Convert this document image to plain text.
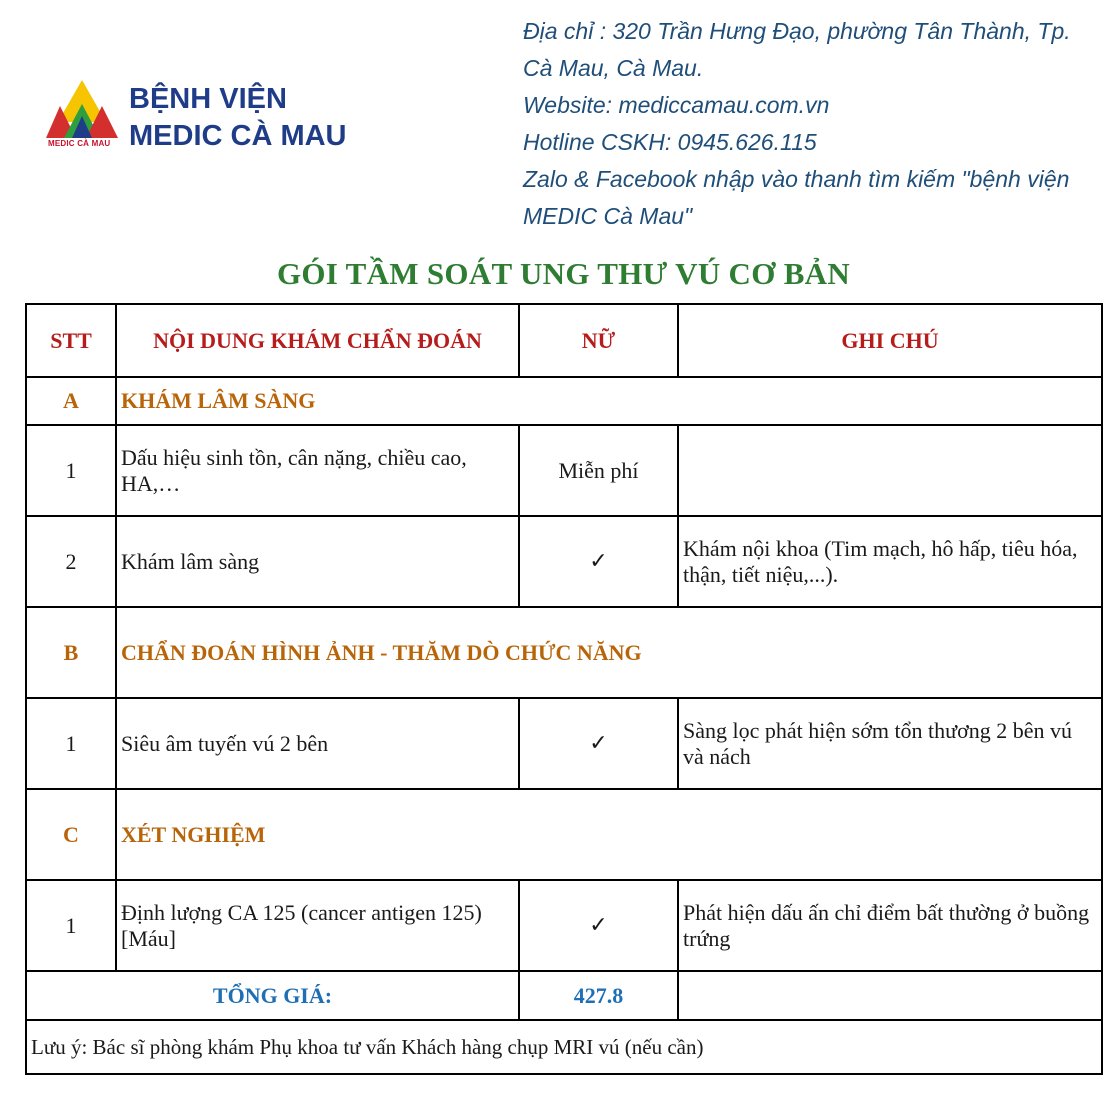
MEDIC CÀ MAU
BỆNH VIỆN
MEDIC CÀ MAU
Địa chỉ : 320 Trần Hưng Đạo, phường Tân Thành, Tp. Cà Mau, Cà Mau.
Website: mediccamau.com.vn
Hotline CSKH: 0945.626.115
Zalo & Facebook nhập vào thanh tìm kiếm "bệnh viện MEDIC Cà Mau"
GÓI TẦM SOÁT UNG THƯ VÚ CƠ BẢN
STT	NỘI DUNG KHÁM CHẨN ĐOÁN	NỮ	GHI CHÚ
A	KHÁM LÂM SÀNG		
1	Dấu hiệu sinh tồn, cân nặng, chiều cao, HA,…	Miễn phí	
2	Khám lâm sàng	✓	Khám nội khoa (Tim mạch, hô hấp, tiêu hóa, thận, tiết niệu,...).
B	CHẨN ĐOÁN HÌNH ẢNH - THĂM DÒ CHỨC NĂNG		
1	Siêu âm tuyến vú 2 bên	✓	Sàng lọc phát hiện sớm tổn thương 2 bên vú và nách
C	XÉT NGHIỆM		
1	Định lượng CA 125 (cancer antigen 125) [Máu]	✓	Phát hiện dấu ấn chỉ điểm bất thường ở buồng trứng
TỔNG GIÁ:		427.8	
Lưu ý: Bác sĩ phòng khám Phụ khoa tư vấn Khách hàng chụp MRI vú (nếu cần)			
